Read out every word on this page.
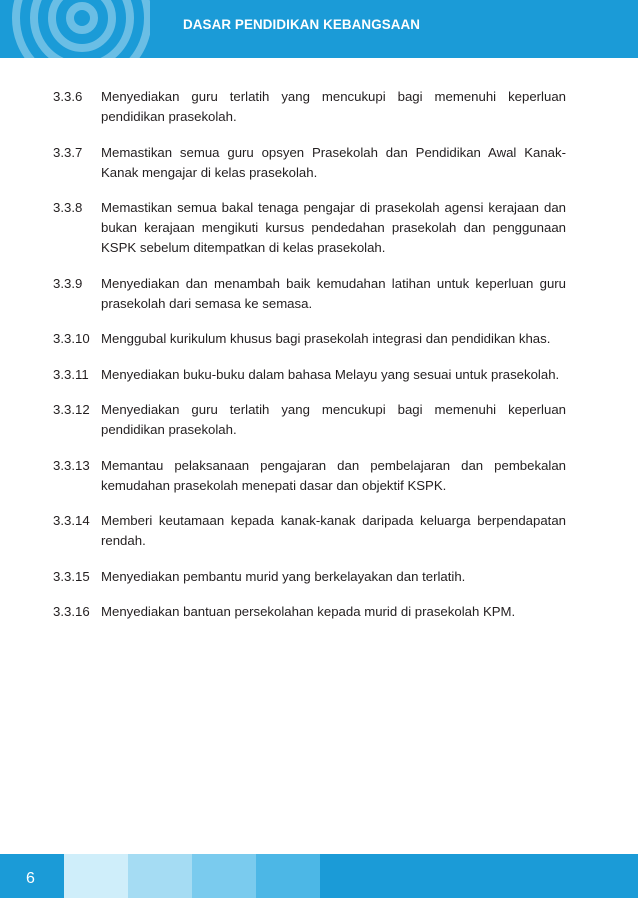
DASAR PENDIDIKAN KEBANGSAAN
3.3.6	Menyediakan guru terlatih yang mencukupi bagi memenuhi keperluan pendidikan prasekolah.
3.3.7	Memastikan semua guru opsyen Prasekolah dan Pendidikan Awal Kanak-Kanak mengajar di kelas prasekolah.
3.3.8	Memastikan semua bakal tenaga pengajar di prasekolah agensi kerajaan dan bukan kerajaan mengikuti kursus pendedahan prasekolah dan penggunaan KSPK sebelum ditempatkan di kelas prasekolah.
3.3.9	Menyediakan dan menambah baik kemudahan latihan untuk keperluan guru prasekolah dari semasa ke semasa.
3.3.10 Menggubal kurikulum khusus bagi prasekolah integrasi dan pendidikan khas.
3.3.11 Menyediakan buku-buku dalam bahasa Melayu yang sesuai untuk prasekolah.
3.3.12 Menyediakan guru terlatih yang mencukupi bagi memenuhi keperluan pendidikan prasekolah.
3.3.13 Memantau pelaksanaan pengajaran dan pembelajaran dan pembekalan kemudahan prasekolah menepati dasar dan objektif KSPK.
3.3.14 Memberi keutamaan kepada kanak-kanak daripada keluarga berpendapatan rendah.
3.3.15 Menyediakan pembantu murid yang berkelayakan dan terlatih.
3.3.16 Menyediakan bantuan persekolahan kepada murid di prasekolah KPM.
6
